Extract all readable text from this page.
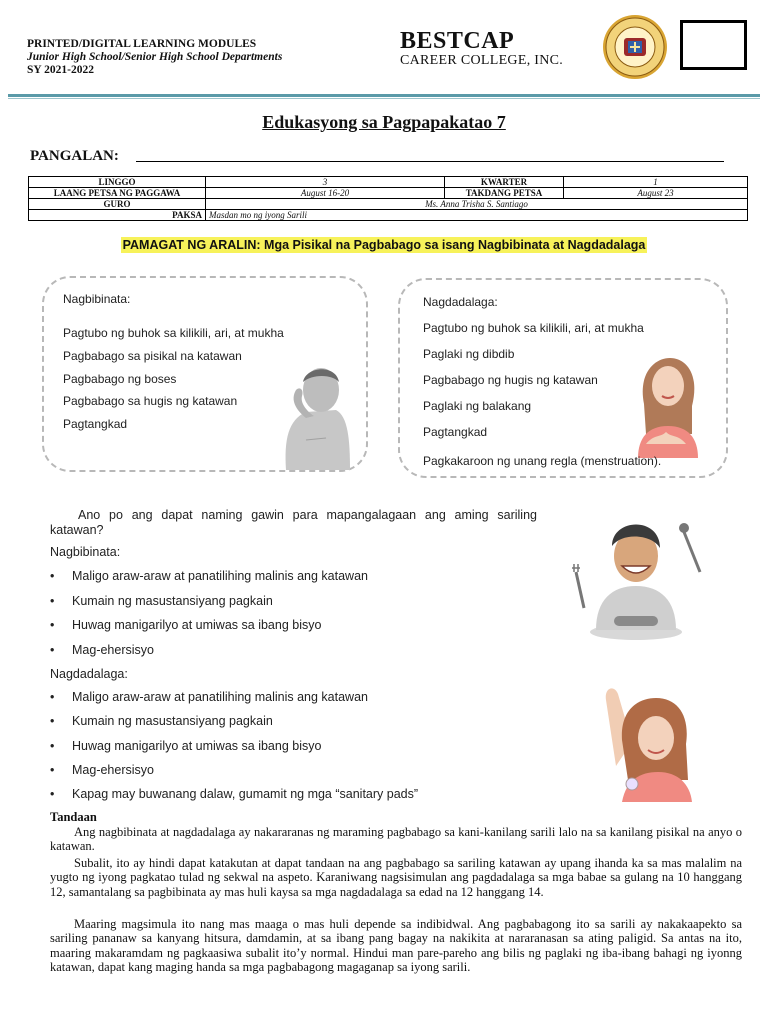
PRINTED/DIGITAL LEARNING MODULES
Junior High School/Senior High School Departments
SY 2021-2022
BESTCAP
CAREER COLLEGE, INC.
Edukasyong sa Pagpapakatao 7
PANGALAN:
LINGGO	3	KWARTER	1
LAANG PETSA NG PAGGAWA	August 16-20	TAKDANG PETSA	August 23
GURO	Ms. Anna Trisha S. Santiago		
PAKSA	Masdan mo ng iyong Sarili		
PAMAGAT NG ARALIN: Mga Pisikal na Pagbabago sa isang Nagbibinata at Nagdadalaga
Nagbibinata:
Pagtubo ng buhok sa kilikili, ari, at mukha
Pagbabago sa pisikal na katawan
Pagbabago ng boses
Pagbabago sa hugis ng katawan
Pagtangkad
Nagdadalaga:
Pagtubo ng buhok sa kilikili, ari, at mukha
Paglaki ng dibdib
Pagbabago ng hugis ng katawan
Paglaki ng balakang
Pagtangkad
Pagkakaroon ng unang regla (menstruation).
Ano po ang dapat naming gawin para mapangalagaan ang aming sariling katawan?
Nagbibinata:
• Maligo araw-araw at panatilihing malinis ang katawan
• Kumain ng masustansiyang pagkain
• Huwag manigarilyo at umiwas sa ibang bisyo
• Mag-ehersisyo
Nagdadalaga:
• Maligo araw-araw at panatilihing malinis ang katawan
• Kumain ng masustansiyang pagkain
• Huwag manigarilyo at umiwas sa ibang bisyo
• Mag-ehersisyo
• Kapag may buwanang dalaw, gumamit ng mga “sanitary pads”
Tandaan
Ang nagbibinata at nagdadalaga ay nakararanas ng maraming pagbabago sa kani-kanilang sarili lalo na sa kanilang pisikal na anyo o katawan.
Subalit, ito ay hindi dapat katakutan at dapat tandaan na ang pagbabago sa sariling katawan ay upang ihanda ka sa mas malalim na yugto ng iyong pagkatao tulad ng sekwal na aspeto. Karaniwang nagsisimulan ang pagdadalaga sa mga babae sa gulang na 10 hanggang 12, samantalang sa pagbibinata ay mas huli kaysa sa mga nagdadalaga sa edad na 12 hanggang 14.
Maaring magsimula ito nang mas maaga o mas huli depende sa indibidwal. Ang pagbabagong ito sa sarili ay nakakaapekto sa sariling pananaw sa kanyang hitsura, damdamin, at sa ibang pang bagay na nakikita at nararanasan sa ating paligid. Sa antas na ito, maaring makaramdam ng pagkaasiwa subalit ito’y normal. Hindui man pare-pareho ang bilis ng paglaki ng iba-ibang bahagi ng iyonng katawan, dapat kang maging handa sa mga pagbabagong magaganap sa iyong sarili.
